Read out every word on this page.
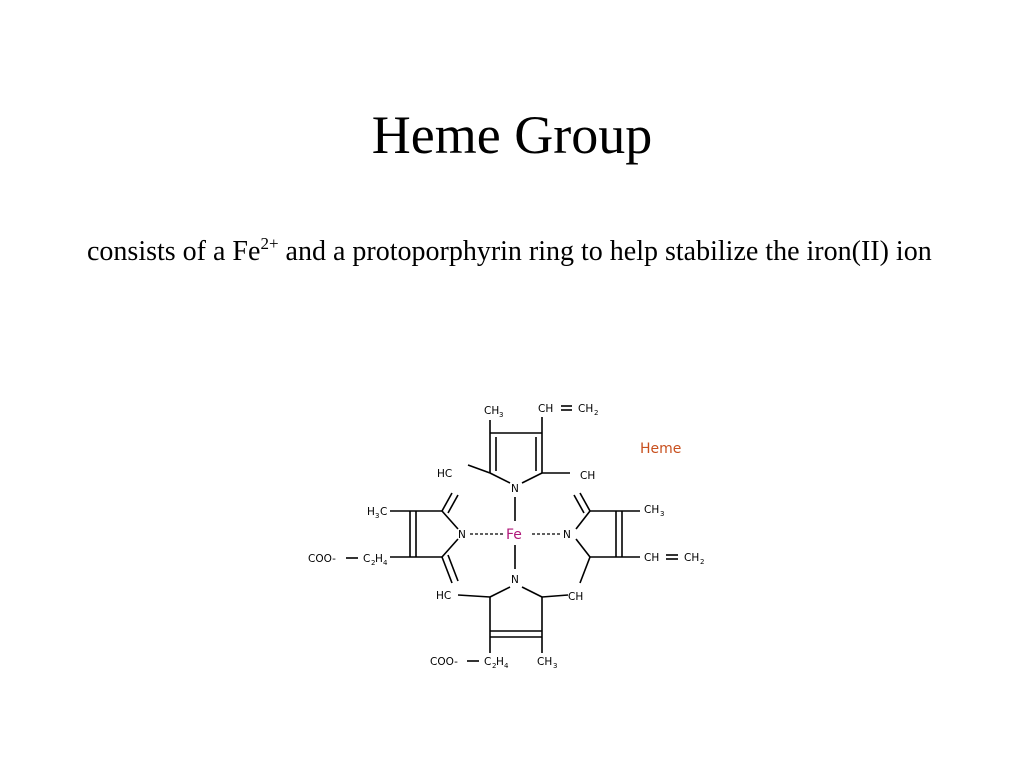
Heme Group
consists of a $Fe^{2+}$ and a protoporphyrin ring to help stabilize the iron(II) ion
Heme
CH 3	CH CH 2
N
HC	CH
HC	CH
H 3 C
COO-	C 2 H 4
N	Fe	N
CH 3
CH CH 2
N
COO- C 2 H 4	CH 3
